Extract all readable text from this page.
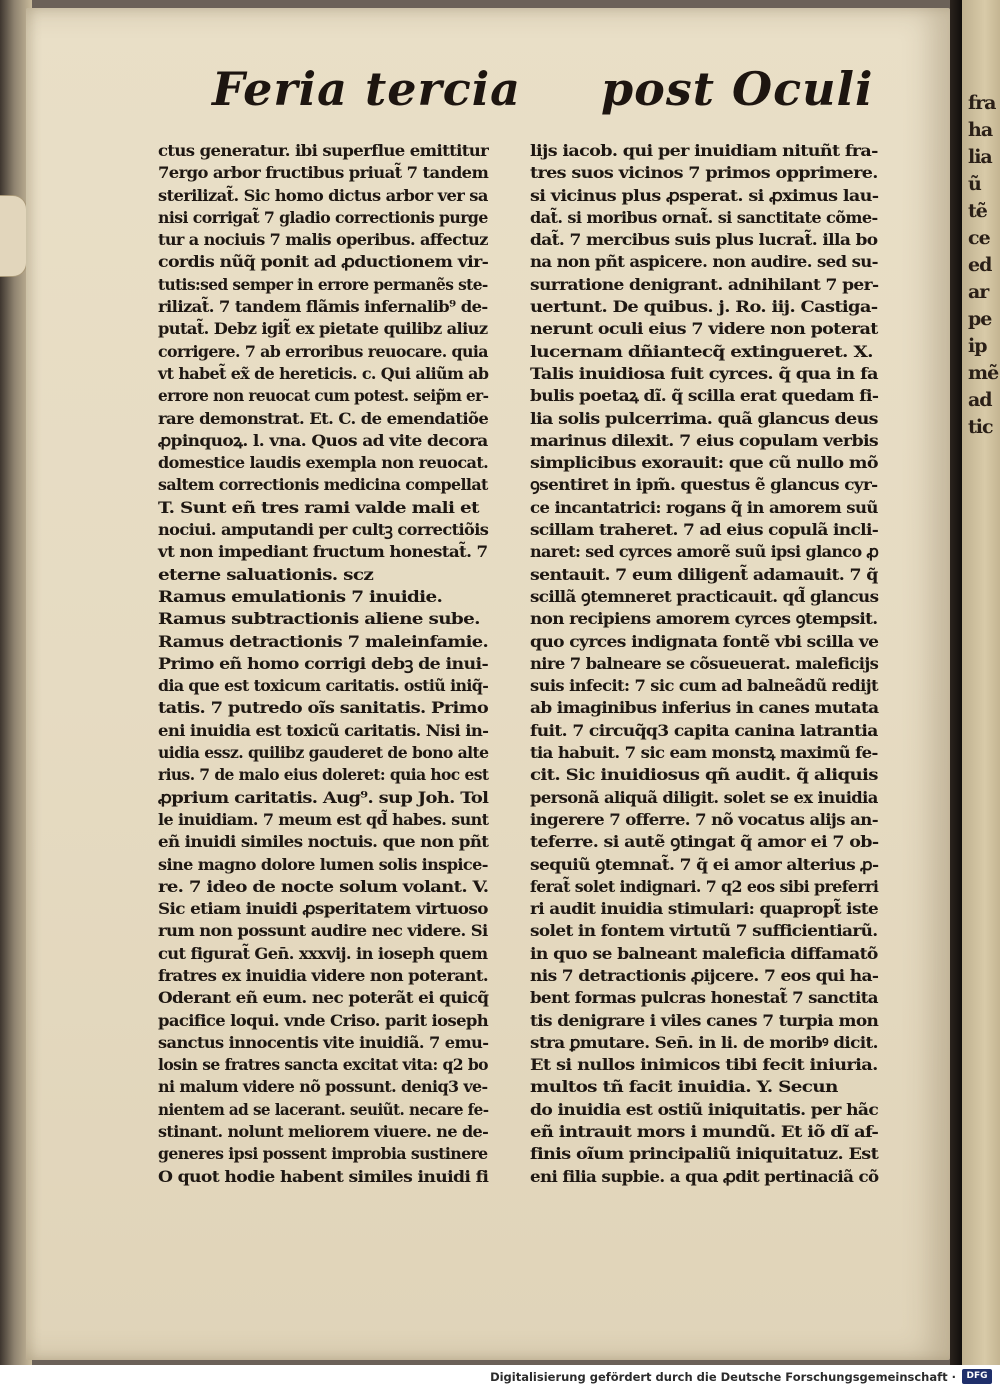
Feria tercia post Oculi
ctus generatur. ibi superflue emittitur
7ergo arbor fructibus priuat̃ 7 tandem
sterilizat̃. Sic homo dictus arbor ver sa
nisi corrigat̃ 7 gladio correctionis purge
tur a nociuis 7 malis operibus. affectuz
cordis nũq̃ ponit ad ꝓductionem vir-
tutis:sed semper in errore permanẽs ste-
rilizat̃. 7 tandem flãmis infernalib⁹ de-
putat̃. Debz igit̃ ex pietate quilibz aliuz
corrigere. 7 ab erroribus reuocare. quia
vt habet̃ ex̃ de hereticis. c. Qui aliũm ab
errore non reuocat cum potest. seip̃m er-
rare demonstrat. Et. C. de emendatiõe
ꝓpinquoꝝ. l. vna. Quos ad vite decora
domestice laudis exempla non reuocat.
saltem correctionis medicina compellat
T. Sunt eñ tres rami valde mali et
nociui. amputandi per cultꝫ correctiõis
vt non impediant fructum honestat̃. 7
eterne saluationis. scz
Ramus emulationis 7 inuidie.
Ramus subtractionis aliene sube.
Ramus detractionis 7 maleinfamie.
Primo eñ homo corrigi debꝫ de inui-
dia que est toxicum caritatis. ostiũ iniq̃-
tatis. 7 putredo oĩs sanitatis. Primo
eni inuidia est toxicũ caritatis. Nisi in-
uidia essz. quilibz gauderet de bono alte
rius. 7 de malo eius doleret: quia hoc est
ꝓprium caritatis. Aug⁹. sup Joh. Tol
le inuidiam. 7 meum est qd̃ habes. sunt
eñ inuidi similes noctuis. que non pñt
sine magno dolore lumen solis inspice-
re. 7 ideo de nocte solum volant. V.
Sic etiam inuidi ꝓsperitatem virtuoso
rum non possunt audire nec videre. Si
cut figurat̃ Gen̄. xxxvij. in ioseph quem
fratres ex inuidia videre non poterant.
Oderant eñ eum. nec poterãt ei quicq̃
pacifice loqui. vnde Criso. parit ioseph
sanctus innocentis vite inuidiã. 7 emu-
losin se fratres sancta excitat vita: q2 bo
ni malum videre nõ possunt. deniq3 ve-
nientem ad se lacerant. seuiũt. necare fe-
stinant. nolunt meliorem viuere. ne de-
generes ipsi possent improbia sustinere
O quot hodie habent similes inuidi fi
lijs iacob. qui per inuidiam nituñt fra-
tres suos vicinos 7 primos opprimere.
si vicinus plus ꝓsperat. si ꝓximus lau-
dat̃. si moribus ornat̃. si sanctitate cõme-
dat̃. 7 mercibus suis plus lucrat̃. illa bo
na non pñt aspicere. non audire. sed su-
surratione denigrant. adnihilant 7 per-
uertunt. De quibus. j. Ro. iij. Castiga-
nerunt oculi eius 7 videre non poterat
lucernam dñiantecq̃ extingueret. X.
Talis inuidiosa fuit cyrces. q̃ qua in fa
bulis poetaꝝ dĩ. q̃ scilla erat quedam fi-
lia solis pulcerrima. quã glancus deus
marinus dilexit. 7 eius copulam verbis
simplicibus exorauit: que cũ nullo mõ
ꝯsentiret in ipm̃. questus ẽ glancus cyr-
ce incantatrici: rogans q̃ in amorem suũ
scillam traheret. 7 ad eius copulã incli-
naret: sed cyrces amorẽ suũ ipsi glanco ꝓ
sentauit. 7 eum diligent̃ adamauit. 7 q̃
scillã ꝯtemneret practicauit. qd̃ glancus
non recipiens amorem cyrces ꝯtempsit.
quo cyrces indignata fontẽ vbi scilla ve
nire 7 balneare se cõsueuerat. maleficijs
suis infecit: 7 sic cum ad balneãdũ redijt
ab imaginibus inferius in canes mutata
fuit. 7 circuq̃q3 capita canina latrantia
tia habuit. 7 sic eam monstꝝ maximũ fe-
cit. Sic inuidiosus qñ audit. q̃ aliquis
personã aliquã diligit. solet se ex inuidia
ingerere 7 offerre. 7 nõ vocatus alijs an-
teferre. si autẽ ꝯtingat q̃ amor ei 7 ob-
sequiũ ꝯtemnat̃. 7 q̃ ei amor alterius ꝓ-
ferat̃ solet indignari. 7 q2 eos sibi preferri
ri audit inuidia stimulari: quapropt̃ iste
solet in fontem virtutũ 7 sufficientiarũ.
in quo se balneant maleficia diffamatõ
nis 7 detractionis ꝓijcere. 7 eos qui ha-
bent formas pulcras honestat̃ 7 sanctita
tis denigrare i viles canes 7 turpia mon
stra ꝑmutare. Sen̄. in li. de moribꝰ dicit.
Et si nullos inimicos tibi fecit iniuria.
multos tñ facit inuidia. Y. Secun
do inuidia est ostiũ iniquitatis. per hãc
eñ intrauit mors i mundũ. Et iõ dĩ af-
finis oĩum principaliũ iniquitatuz. Est
eni filia supbie. a qua ꝓdit pertinaciã cõ
fra
ha
lia
ũ
tẽ
ce
ed
ar
pe
ip
mẽ
ad
tic
Digitalisierung gefördert durch die Deutsche Forschungsgemeinschaft ·	DFG
